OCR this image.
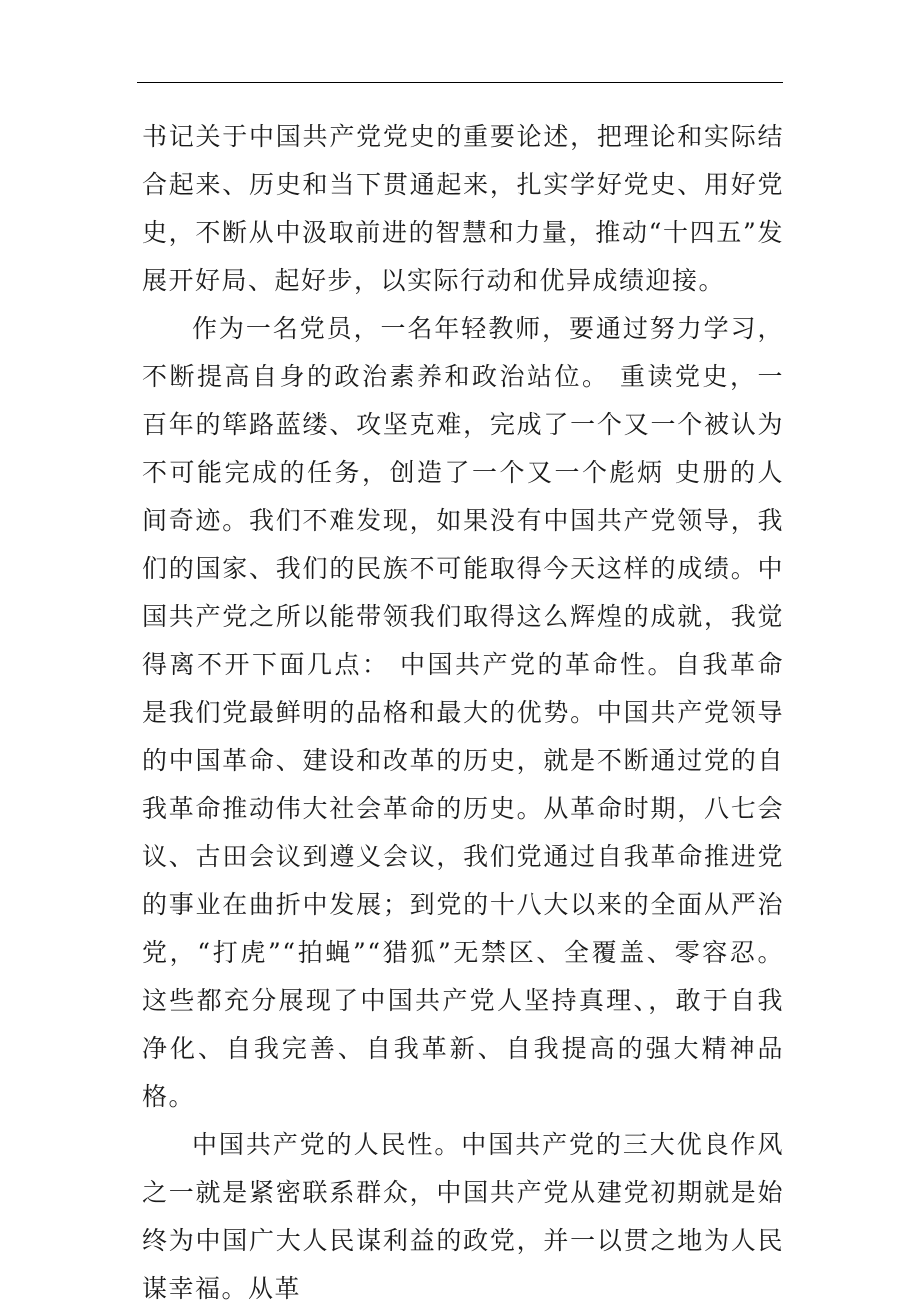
书记关于中国共产党党史的重要论述，把理论和实际结合起来、历史和当下贯通起来，扎实学好党史、用好党史，不断从中汲取前进的智慧和力量，推动“十四五”发展开好局、起好步，以实际行动和优异成绩迎接。

作为一名党员，一名年轻教师，要通过努力学习，不断提高自身的政治素养和政治站位。 重读党史，一百年的筚路蓝缕、攻坚克难，完成了一个又一个被认为不可能完成的任务，创造了一个又一个彪炳 史册的人间奇迹。我们不难发现，如果没有中国共产党领导，我们的国家、我们的民族不可能取得今天这样的成绩。中国共产党之所以能带领我们取得这么辉煌的成就，我觉得离不开下面几点： 中国共产党的革命性。自我革命是我们党最鲜明的品格和最大的优势。中国共产党领导的中国革命、建设和改革的历史，就是不断通过党的自我革命推动伟大社会革命的历史。从革命时期，八七会议、古田会议到遵义会议，我们党通过自我革命推进党的事业在曲折中发展；到党的十八大以来的全面从严治党，“打虎”“拍蝇”“猎狐”无禁区、全覆盖、零容忍。这些都充分展现了中国共产党人坚持真理、，敢于自我净化、自我完善、自我革新、自我提高的强大精神品格。

中国共产党的人民性。中国共产党的三大优良作风之一就是紧密联系群众，中国共产党从建党初期就是始终为中国广大人民谋利益的政党，并一以贯之地为人民谋幸福。从革
